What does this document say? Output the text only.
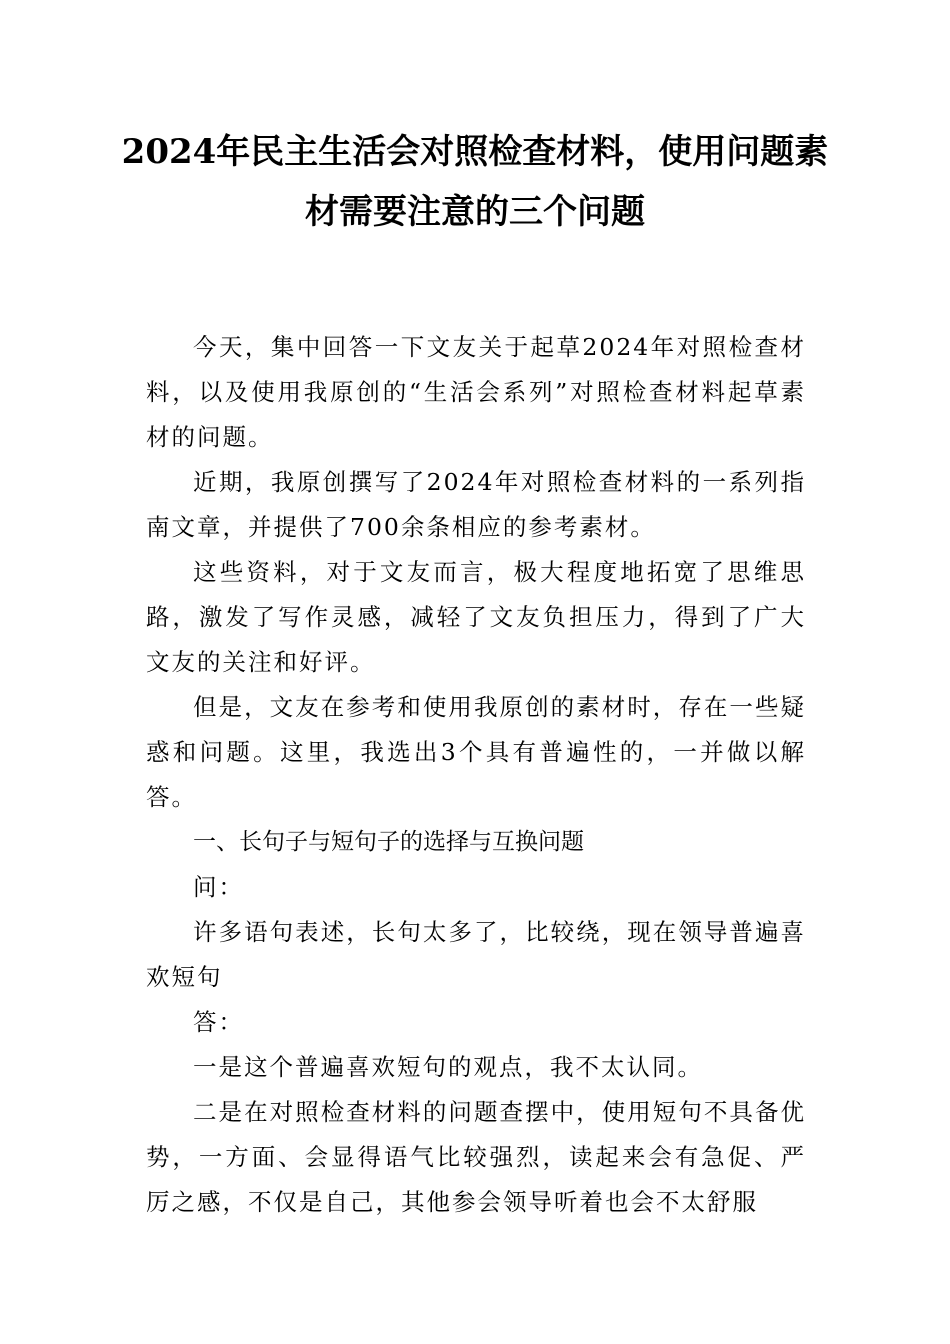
2024年民主生活会对照检查材料，使用问题素材需要注意的三个问题

今天，集中回答一下文友关于起草2024年对照检查材料，以及使用我原创的“生活会系列”对照检查材料起草素材的问题。

近期，我原创撰写了2024年对照检查材料的一系列指南文章，并提供了700余条相应的参考素材。

这些资料，对于文友而言，极大程度地拓宽了思维思路，激发了写作灵感，减轻了文友负担压力，得到了广大文友的关注和好评。

但是，文友在参考和使用我原创的素材时，存在一些疑惑和问题。这里，我选出3个具有普遍性的，一并做以解答。

一、长句子与短句子的选择与互换问题

问：

许多语句表述，长句太多了，比较绕，现在领导普遍喜欢短句

答：

一是这个普遍喜欢短句的观点，我不太认同。

二是在对照检查材料的问题查摆中，使用短句不具备优势，一方面、会显得语气比较强烈，读起来会有急促、严厉之感，不仅是自己，其他参会领导听着也会不太舒服
